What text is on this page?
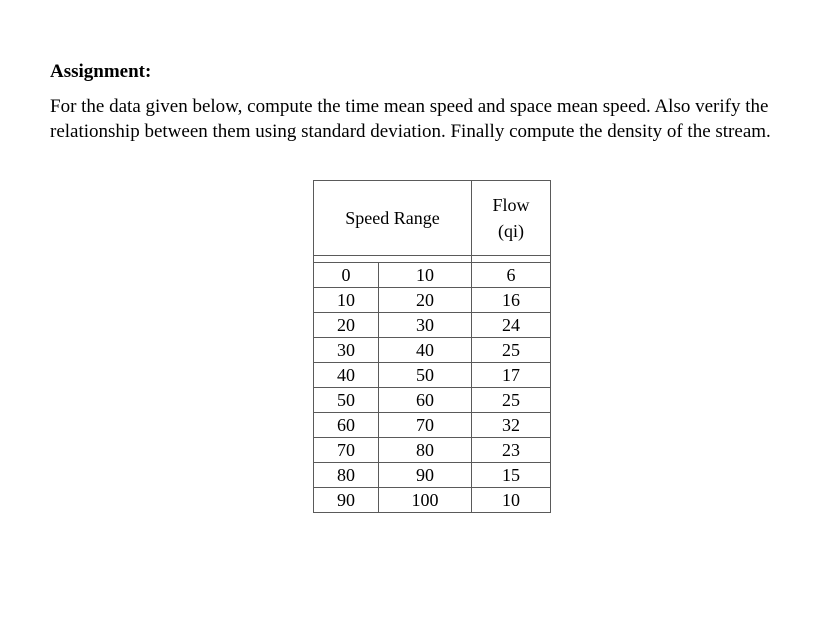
Assignment:

For the data given below, compute the time mean speed and space mean speed. Also verify the
relationship between them using standard deviation. Finally compute the density of the stream.

Speed Range		Flow
(qi)

0	10	6
10	20	16
20	30	24
30	40	25
40	50	17
50	60	25
60	70	32
70	80	23
80	90	15
90	100	10
